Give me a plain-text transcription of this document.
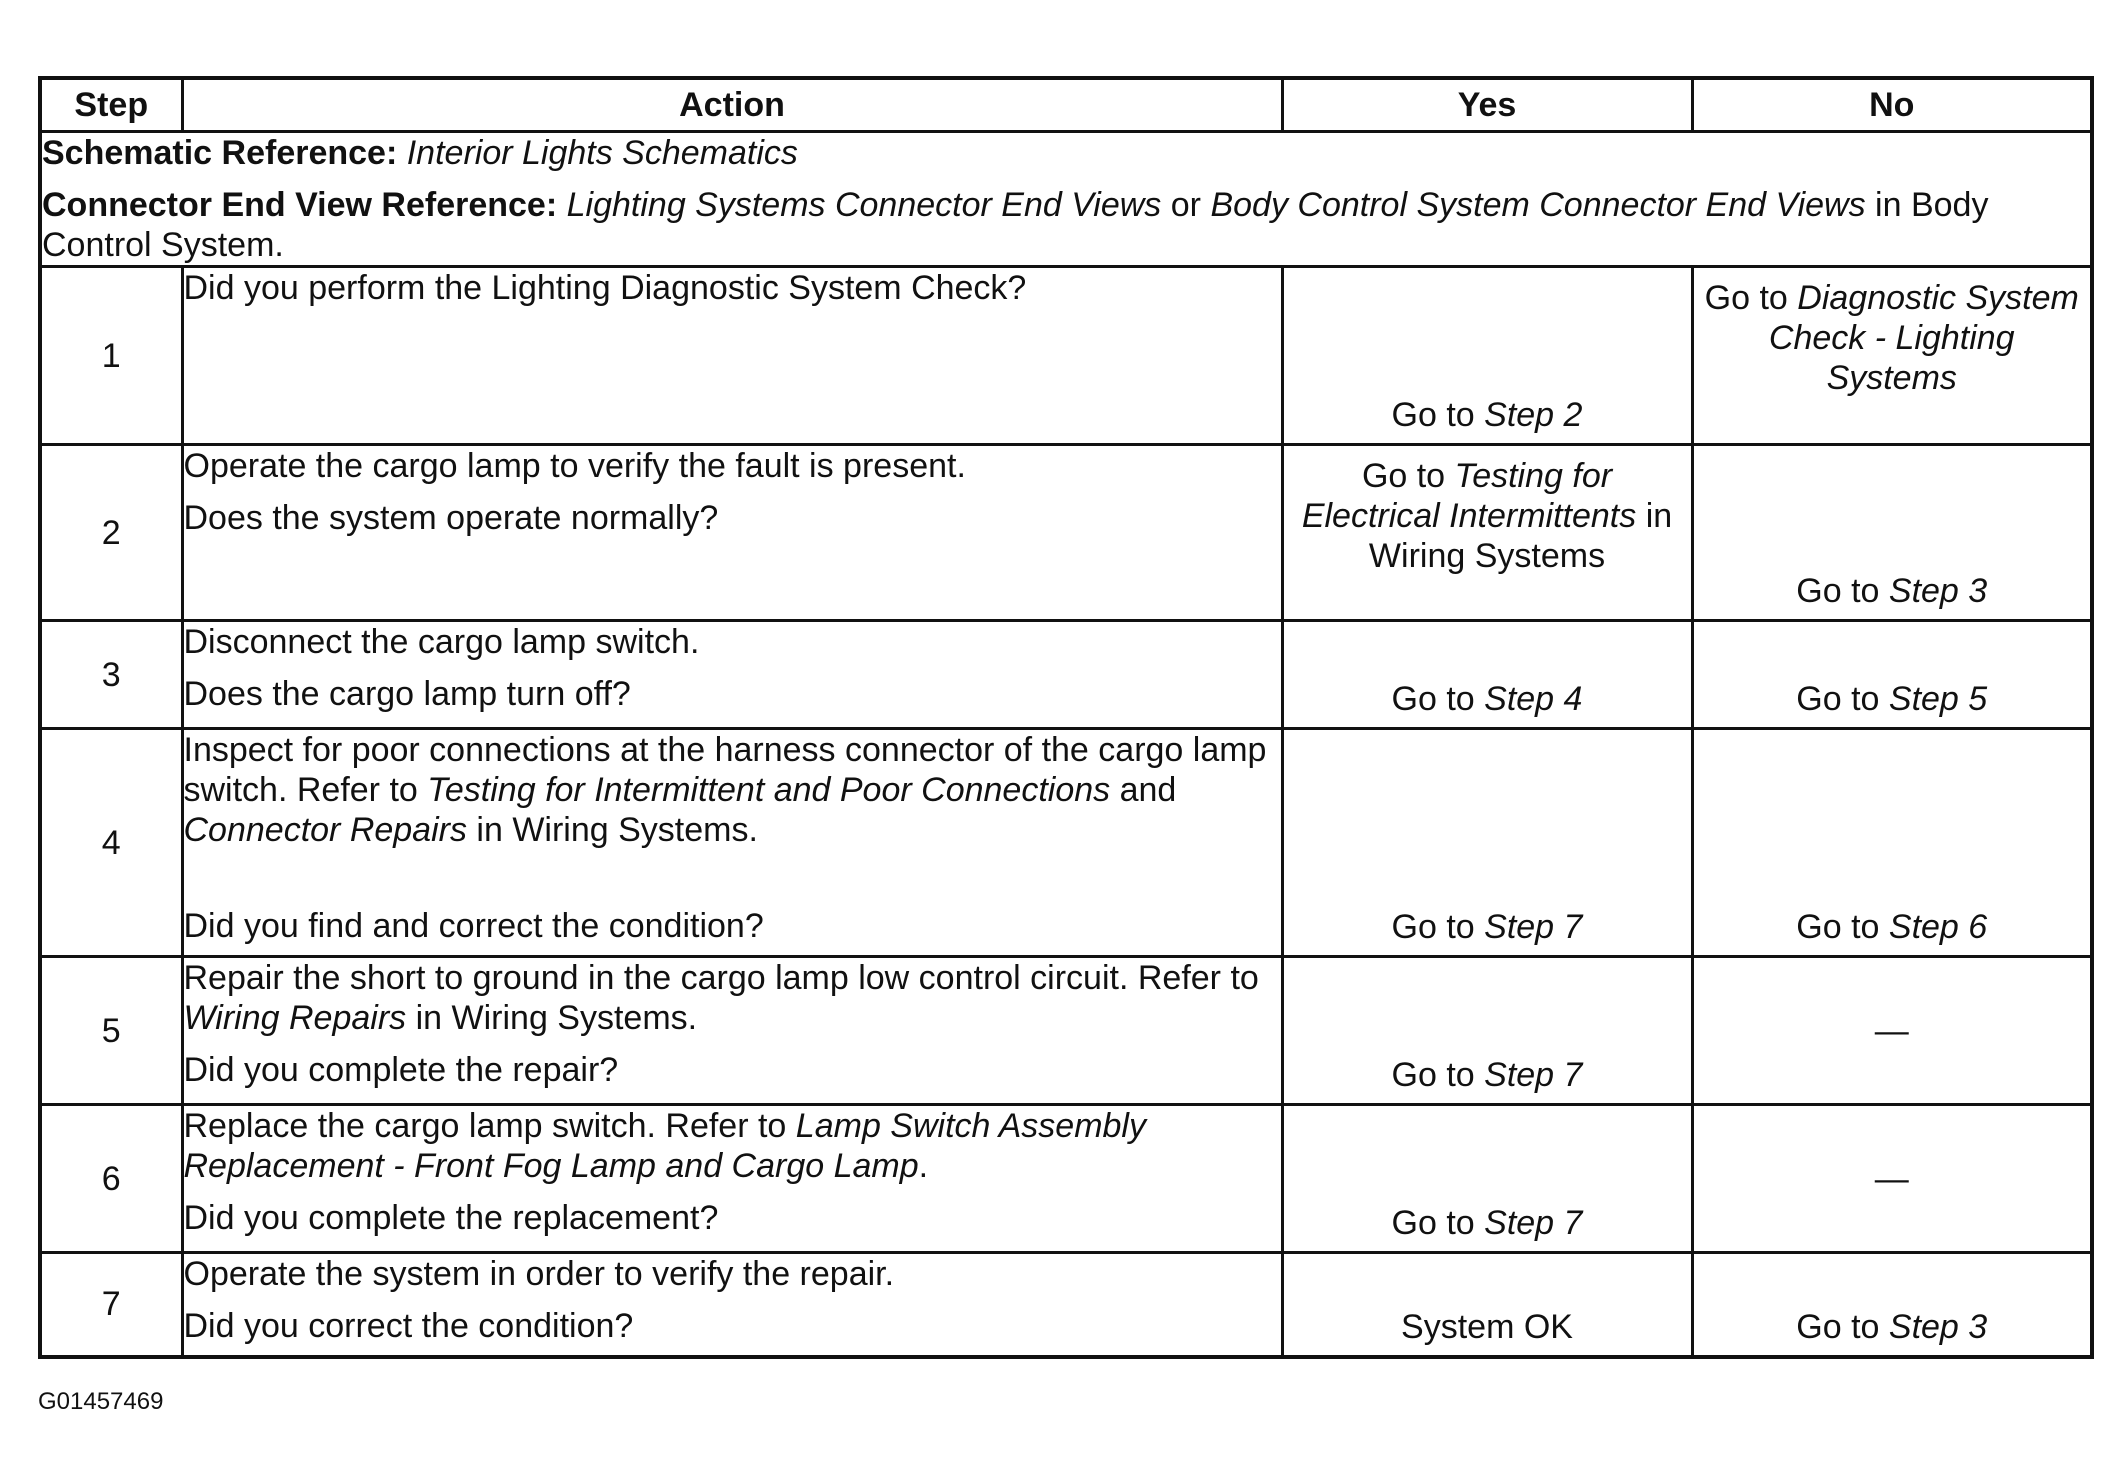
Step	Action	Yes	No

Schematic Reference: Interior Lights Schematics

Connector End View Reference: Lighting Systems Connector End Views or Body Control System Connector End Views in Body Control System.			

1	Did you perform the Lighting Diagnostic System Check?	Go to Step 2	Go to Diagnostic System Check - Lighting Systems

2	Operate the cargo lamp to verify the fault is present.

Does the system operate normally?	Go to Testing for Electrical Intermittents in Wiring Systems	Go to Step 3

3	Disconnect the cargo lamp switch.

Does the cargo lamp turn off?	Go to Step 4	Go to Step 5

4	Inspect for poor connections at the harness connector of the cargo lamp switch. Refer to Testing for Intermittent and Poor Connections and Connector Repairs in Wiring Systems.

Did you find and correct the condition?	Go to Step 7	Go to Step 6

5	Repair the short to ground in the cargo lamp low control circuit. Refer to Wiring Repairs in Wiring Systems.

Did you complete the repair?	Go to Step 7	—

6	Replace the cargo lamp switch. Refer to Lamp Switch Assembly Replacement - Front Fog Lamp and Cargo Lamp.

Did you complete the replacement?	Go to Step 7	—

7	Operate the system in order to verify the repair.

Did you correct the condition?	System OK	Go to Step 3
G01457469
